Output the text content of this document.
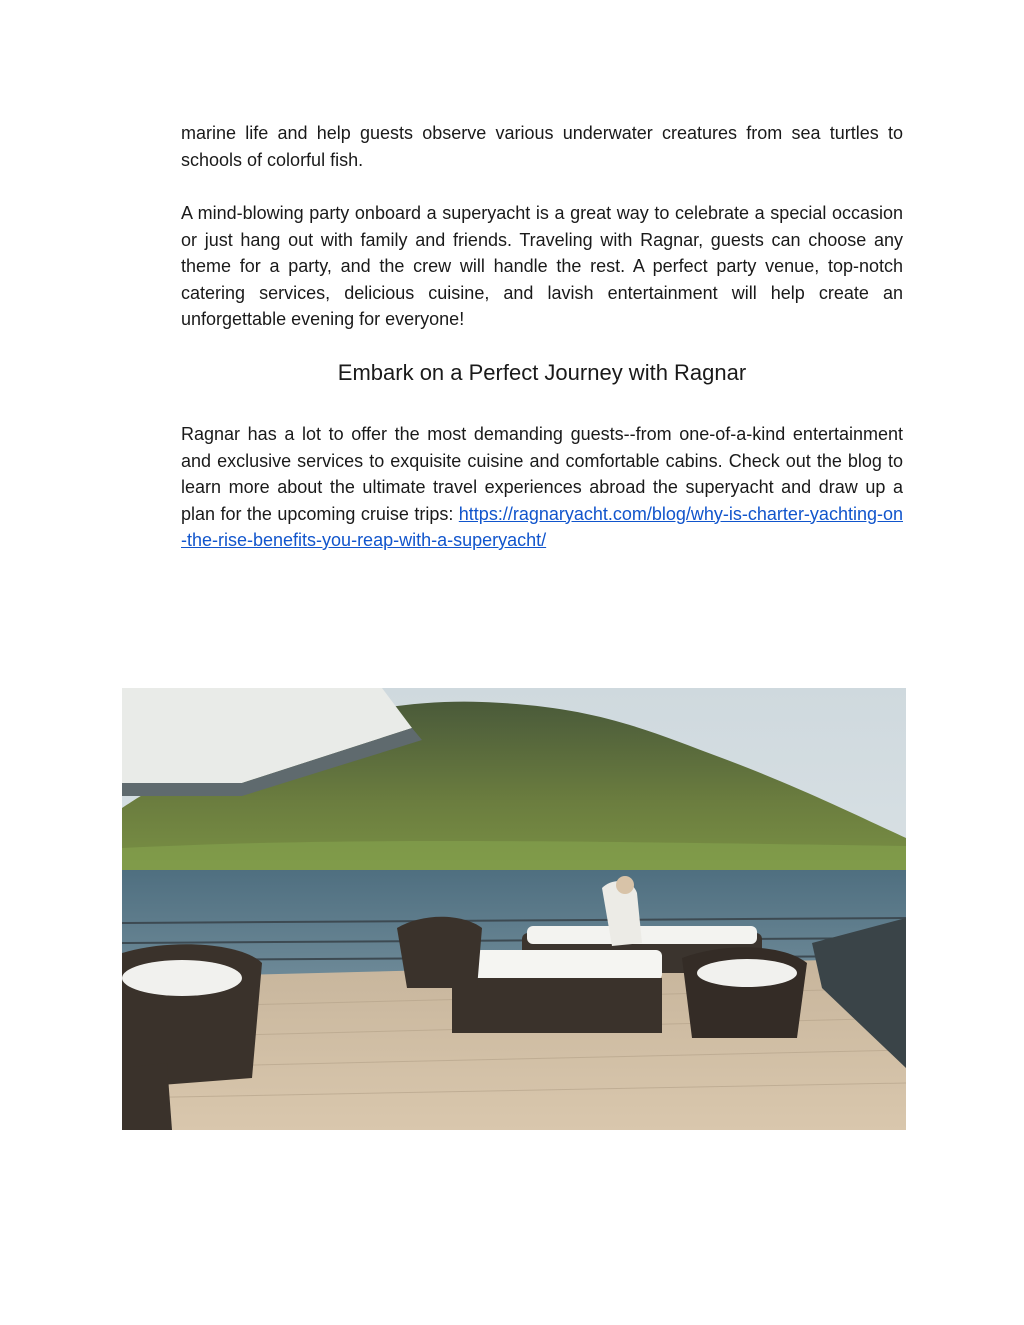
marine life and help guests observe various underwater creatures from sea turtles to schools of colorful fish.

A mind-blowing party onboard a superyacht is a great way to celebrate a special occasion or just hang out with family and friends. Traveling with Ragnar, guests can choose any theme for a party, and the crew will handle the rest. A perfect party venue, top-notch catering services, delicious cuisine, and lavish entertainment will help create an unforgettable evening for everyone!

Embark on a Perfect Journey with Ragnar

Ragnar has a lot to offer the most demanding guests--from one-of-a-kind entertainment and exclusive services to exquisite cuisine and comfortable cabins. Check out the blog to learn more about the ultimate travel experiences abroad the superyacht and draw up a plan for the upcoming cruise trips: https://ragnaryacht.com/blog/why-is-charter-yachting-on-the-rise-benefits-you-reap-with-a-superyacht/
